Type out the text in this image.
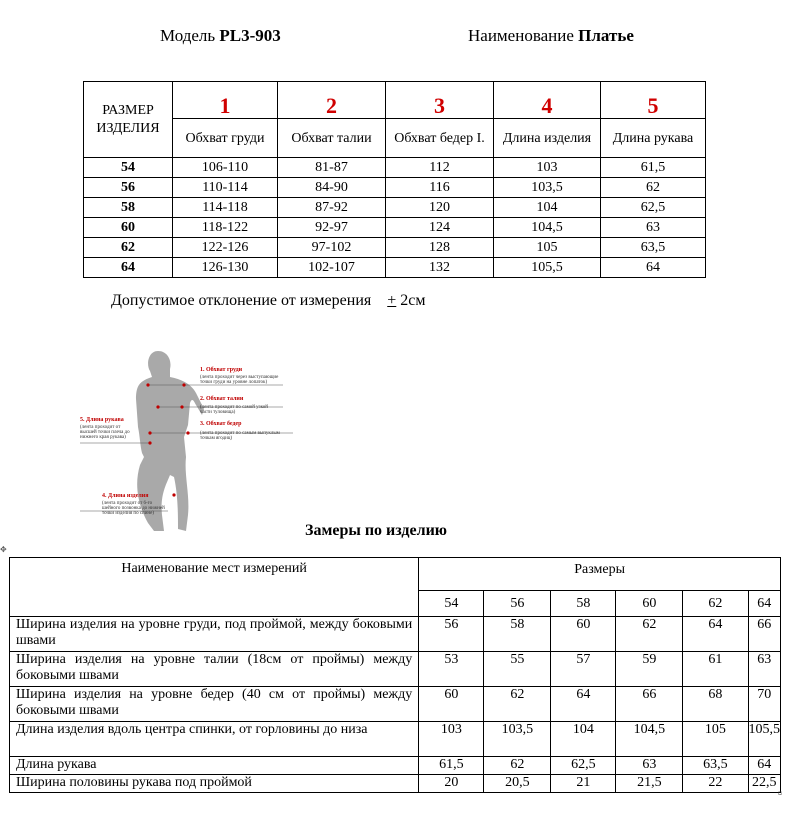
Модель PL3-903	Наименование Платье
РАЗМЕР ИЗДЕЛИЯ	1	2	3	4	5
	Обхват груди	Обхват талии	Обхват бедер I.	Длина изделия	Длина рукава
54	106-110	81-87	112	103	61,5
56	110-114	84-90	116	103,5	62
58	114-118	87-92	120	104	62,5
60	118-122	92-97	124	104,5	63
62	122-126	97-102	128	105	63,5
64	126-130	102-107	132	105,5	64
Допустимое отклонение от измерения + 2см
1. Обхват груди
(лента проходит через выступающие
точки груди на уровне лопаток)
2. Обхват талии
(лента проходит по самой узкой
части туловища)
3. Обхват бедер
(лента проходит по самым выпуклым
точкам ягодиц)
5. Длина рукава
(лента проходит от
высшей точки плеча до
нижнего края рукава)
4. Длина изделия
(лента проходит от 6-го
шейного позвонка до нижней
точки изделия по спине)
Замеры по изделию
✥
Наименование мест измерений	Размеры					
	54	56	58	60	62	64
Ширина изделия на уровне груди, под проймой, между боковыми швами	56	58	60	62	64	66
Ширина изделия на уровне талии (18см от проймы) между боковыми швами	53	55	57	59	61	63
Ширина изделия на уровне бедер (40 см от проймы) между боковыми швами	60	62	64	66	68	70
Длина изделия вдоль центра спинки, от горловины до низа	103	103,5	104	104,5	105	105,5
Длина рукава	61,5	62	62,5	63	63,5	64
Ширина половины рукава под проймой	20	20,5	21	21,5	22	22,5
¤
